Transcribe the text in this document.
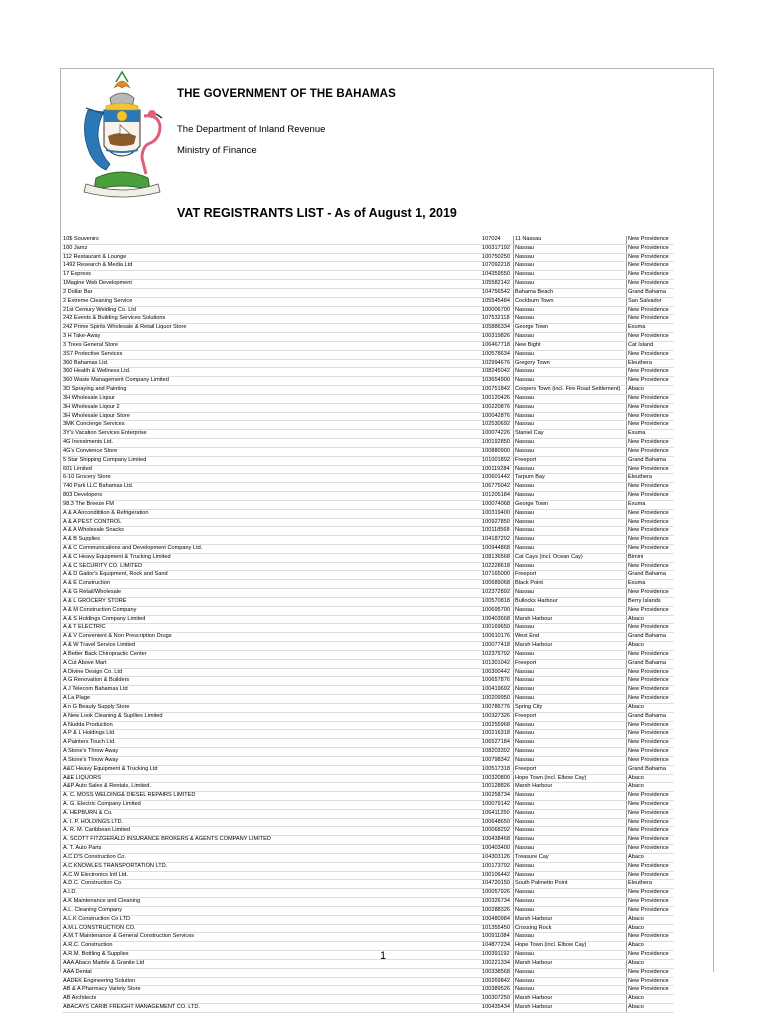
THE GOVERNMENT OF THE BAHAMAS
The Department of Inland Revenue
Ministry of Finance
VAT REGISTRANTS LIST - As of August 1, 2019
10$ Souvenirs	107024	11 Nassau	New Providence
100 Jamz	100317192	Nassau	New Providence
112 Restaurant & Lounge	100750250	Nassau	New Providence
1492 Research & Media Ltd	107092218	Nassau	New Providence
17 Express	104359550	Nassau	New Providence
1Magine Web Development	105582142	Nassau	New Providence
2 Dollar Bar	104756542	Bahama Beach	Grand Bahama
2 Extreme Cleaning Service	105545484	Cockburn Town	San Salvador
21st Century Welding Co. Ltd	100006700	Nassau	New Providence
242 Events & Building Services Solutions	107532118	Nassau	New Providence
242 Prime Spirits Wholesale & Retail Liquor Store	105886334	George Town	Exuma
3 H Take-Away	100319826	Nassau	New Providence
3 Trees General Store	106467718	New Bight	Cat Island
3S7 Protective Services	100578634	Nassau	New Providence
360 Bahamas Ltd.	102994676	Gregory Town	Eleuthera
360 Health & Wellness Ltd.	108245042	Nassau	New Providence
360 Waste Management Company Limited	103654900	Nassau	New Providence
3D Spraying and Painting	100751842	Coopers Town (incl. Fire Road Settlement)	Abaco
3H Wholesale Liqour	100120426	Nassau	New Providence
3H Wholesale Liqour 2	100220876	Nassau	New Providence
3H Wholesale Liqour Store	100042876	Nassau	New Providence
3MK Concierge Services	102530692	Nassau	New Providence
3Y's Vacation Services Enterprise	100074226	Staniel Cay	Exuma
4G Investments Ltd.	100192850	Nassau	New Providence
4G's Convience Store	100880900	Nassau	New Providence
5 Star Shipping Company Limited	101001892	Freeport	Grand Bahama
601 Limited	100119284	Nassau	New Providence
6-10 Grocery Store	100601442	Tarpum Bay	Eleuthera
740 Park LLC Bahamas Ltd.	106775042	Nassau	New Providence
803 Developers	101205184	Nassau	New Providence
98.3 The Breeze FM	100074068	George Town	Exuma
A & A Airconditition & Refrigeration	100319400	Nassau	New Providence
A & A PEST CONTROL	100927850	Nassau	New Providence
A & A Wholesale Snacks	100118568	Nassau	New Providence
A & B Supplies	104187292	Nassau	New Providence
A & C Communications and Development Company Ltd.	100944868	Nassau	New Providence
A & C Heavy Equipment & Trucking Limited	108136568	Cat Cays (incl. Ocean Cay)	Bimini
A & C SECURITY CO. LIMITED	102228618	Nassau	New Providence
A & D Gaitor's Equipment, Rock and Sand	107165000	Freeport	Grand Bahama
A & E Construction	100689068	Black Point	Exuma
A & G Retail/Wholesale	102372892	Nassau	New Providence
A & L GROCERY STORE	100570818	Bullocks Harbour	Berry Islands
A & M Construction Company	100695700	Nassau	New Providence
A & S Holdings Company Limited	100403668	Marsh Harbour	Abaco
A & T ELECTRIC	100169650	Nassau	New Providence
A & V Convenient & Non Prescription Drugs	100610176	West End	Grand Bahama
A & W Travel Service Limited	100077418	Marsh Harbour	Abaco
A Better Back Chiropractic Center	102375792	Nassau	New Providence
A Cut Above Mart	101301042	Freeport	Grand Bahama
A Divine Design Co. Ltd	100300442	Nassau	New Providence
A G Renovation & Builders	100657876	Nassau	New Providence
A J Telecom Bahamas Ltd	100419692	Nassau	New Providence
A La Plage	100209950	Nassau	New Providence
A n G Beauty Supply Store	100786776	Spring City	Abaco
A New Look Cleaning & Supllies Limited	100327326	Freeport	Grand Bahama
A Nudda Production	100255968	Nassau	New Providence
A P & L Holdings Ltd	100216318	Nassau	New Providence
A Painters Touch Ltd.	106527184	Nassau	New Providence
A Stone's Throw Away	108203392	Nassau	New Providence
A Stone's Throw Away	100798342	Nassau	New Providence
A&C Heavy Equipment & Trucking Ltd	100517318	Freeport	Grand Bahama
A&E LIQUORS	100320800	Hope Town (incl. Elbow Cay)	Abaco
A&P Auto Sales & Rentals, Limited.	100128826	Marsh Harbour	Abaco
A. C. MOSS WELDING& DIESEL REPAIRS LIMITED	100258734	Nassau	New Providence
A. G. Electric Company Limited	100079142	Nassau	New Providence
A. HEPBURN & Co.	106411250	Nassau	New Providence
A. I. P. HOLDINGS LTD.	100648650	Nassau	New Providence
A. R. M. Caribbean Limited	100068292	Nassau	New Providence
A. SCOTT FITZGERALD INSURANCE BROKERS & AGENTS COMPANY LIMITED	100438468	Nassau	New Providence
A. T. Auto Parts	100403400	Nassau	New Providence
A.C.D'S Construction Co.	104303126	Treasure Cay	Abaco
A.C.KNOWLES TRANSPORTATION LTD.	100173792	Nassau	New Providence
A.C.W Electronics Intl Ltd.	100106442	Nassau	New Providence
A.D.C. Construction Co.	104720150	South Palmetto Point	Eleuthera
A.I.D.	100057926	Nassau	New Providence
A.K Maintenance and Cleaning	100326734	Nassau	New Providence
A.L. Cleaning Company	100288326	Nassau	New Providence
A.L.K Construction Co LTD	100480984	Marsh Harbour	Abaco
A.M.L CONSTRUCTION CO.	101355450	Crossing Rock	Abaco
A.M.T Maintenance & General Construction Services	100911084	Nassau	New Providence
A.R.C. Construction	104877234	Hope Town (incl. Elbow Cay)	Abaco
A.R.M. Bottling & Supplies	100391192	Nassau	New Providence
AAA Abaco Marble & Granite Ltd	100221334	Marsh Harbour	Abaco
AAA Dental	100338568	Nassau	New Providence
AADEK Engineering Solution	100269842	Nassau	New Providence
AB & A Pharmacy Variety Store	100389526	Nassau	New Providence
AB Architects	100307250	Marsh Harbour	Abaco
ABACAYS CARIB FREIGHT MANAGEMENT CO. LTD.	100435434	Marsh Harbour	Abaco
1
